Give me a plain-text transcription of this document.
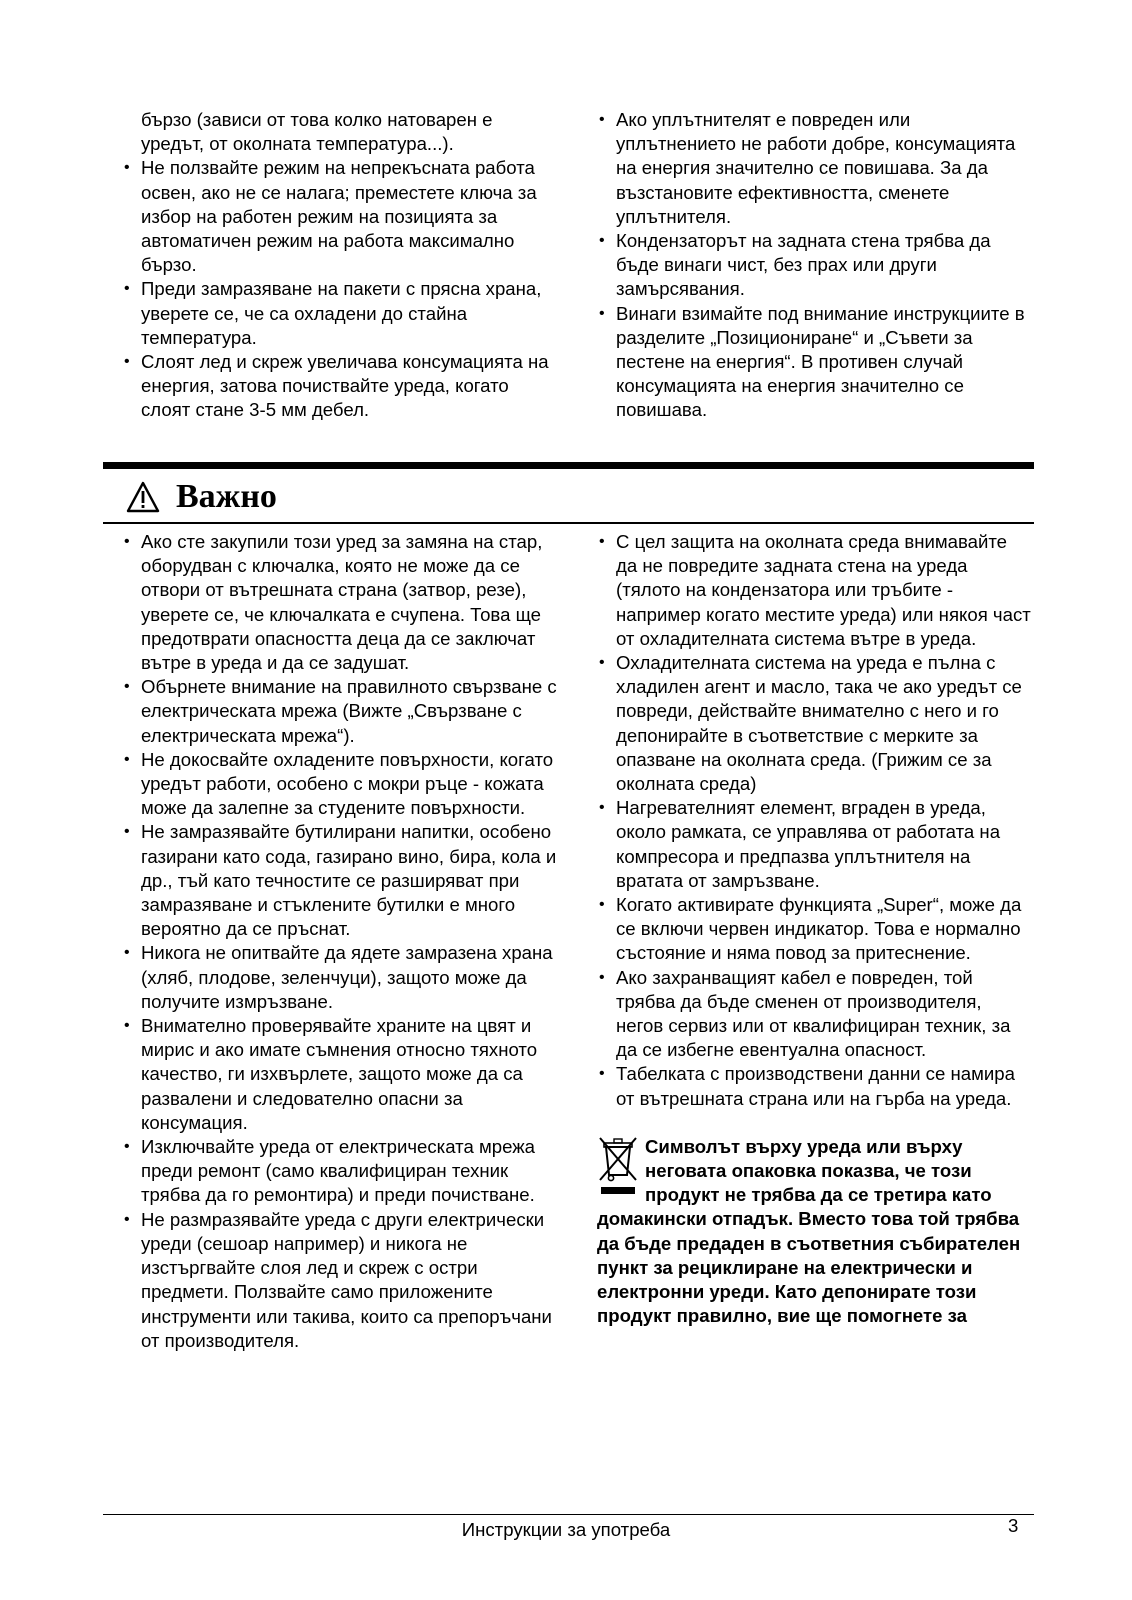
бързо (зависи от това колко натоварен е уредът, от околната температура...).

• Не ползвайте режим на непрекъсната работа освен, ако не се налага; преместете ключа за избор на работен режим на позицията за автоматичен режим на работа максимално бързо.
• Преди замразяване на пакети с прясна храна, уверете се, че са охладени до стайна температура.
• Слоят лед и скреж увеличава консумацията на енергия, затова почиствайте уреда, когато слоят стане 3-5 мм дебел.
• Ако уплътнителят е повреден или уплътнението не работи добре, консумацията на енергия значително се повишава. За да възстановите ефективността, сменете уплътнителя.
• Кондензаторът на задната стена трябва да бъде винаги чист, без прах или други замърсявания.
• Винаги взимайте под внимание инструкциите в разделите „Позициониране“ и „Съвети за пестене на енергия“. В противен случай консумацията на енергия значително се повишава.
Важно
• Ако сте закупили този уред за замяна на стар, оборудван с ключалка, която не може да се отвори от вътрешната страна (затвор, резе), уверете се, че ключалката е счупена. Това ще предотврати опасността деца да се заключат вътре в уреда и да се задушат.
• Обърнете внимание на правилното свързване с електрическата мрежа (Вижте „Свързване с електрическата мрежа“).
• Не докосвайте охладените повърхности, когато уредът работи, особено с мокри ръце - кожата може да залепне за студените повърхности.
• Не замразявайте бутилирани напитки, особено газирани като сода, газирано вино, бира, кола и др., тъй като течностите се разширяват при замразяване и стъклените бутилки е много вероятно да се пръснат.
• Никога не опитвайте да ядете замразена храна (хляб, плодове, зеленчуци), защото може да получите измръзване.
• Внимателно проверявайте храните на цвят и мирис и ако имате съмнения относно тяхното качество, ги изхвърлете, защото може да са развалени и следователно опасни за консумация.
• Изключвайте уреда от електрическата мрежа преди ремонт (само квалифициран техник трябва да го ремонтира) и преди почистване.
• Не размразявайте уреда с други електрически уреди (сешоар например) и никога не изстъргвайте слоя лед и скреж с остри предмети. Ползвайте само приложените инструменти или такива, които са препоръчани от производителя.
• С цел защита на околната среда внимавайте да не повредите задната стена на уреда (тялото на кондензатора или тръбите - например когато местите уреда) или някоя част от охладителната система вътре в уреда.
• Охладителната система на уреда е пълна с хладилен агент и масло, така че ако уредът се повреди, действайте внимателно с него и го депонирайте в съответствие с мерките за опазване на околната среда. (Грижим се за околната среда)
• Нагревателният елемент, вграден в уреда, около рамката, се управлява от работата на компресора и предпазва уплътнителя на вратата от замръзване.
• Когато активирате функцията „Super“, може да се включи червен индикатор. Това е нормално състояние и няма повод за притеснение.
• Ако захранващият кабел е повреден, той трябва да бъде сменен от производителя, негов сервиз или от квалифициран техник, за да се избегне евентуална опасност.
• Табелката с производствени данни се намира от вътрешната страна или на гърба на уреда.
Символът върху уреда или върху неговата опаковка показва, че този продукт не трябва да се третира като домакински отпадък. Вместо това той трябва да бъде предаден в съответния събирателен пункт за рециклиране на електрически и електронни уреди. Като депонирате този продукт правилно, вие ще помогнете за
Инструкции за употреба	3
